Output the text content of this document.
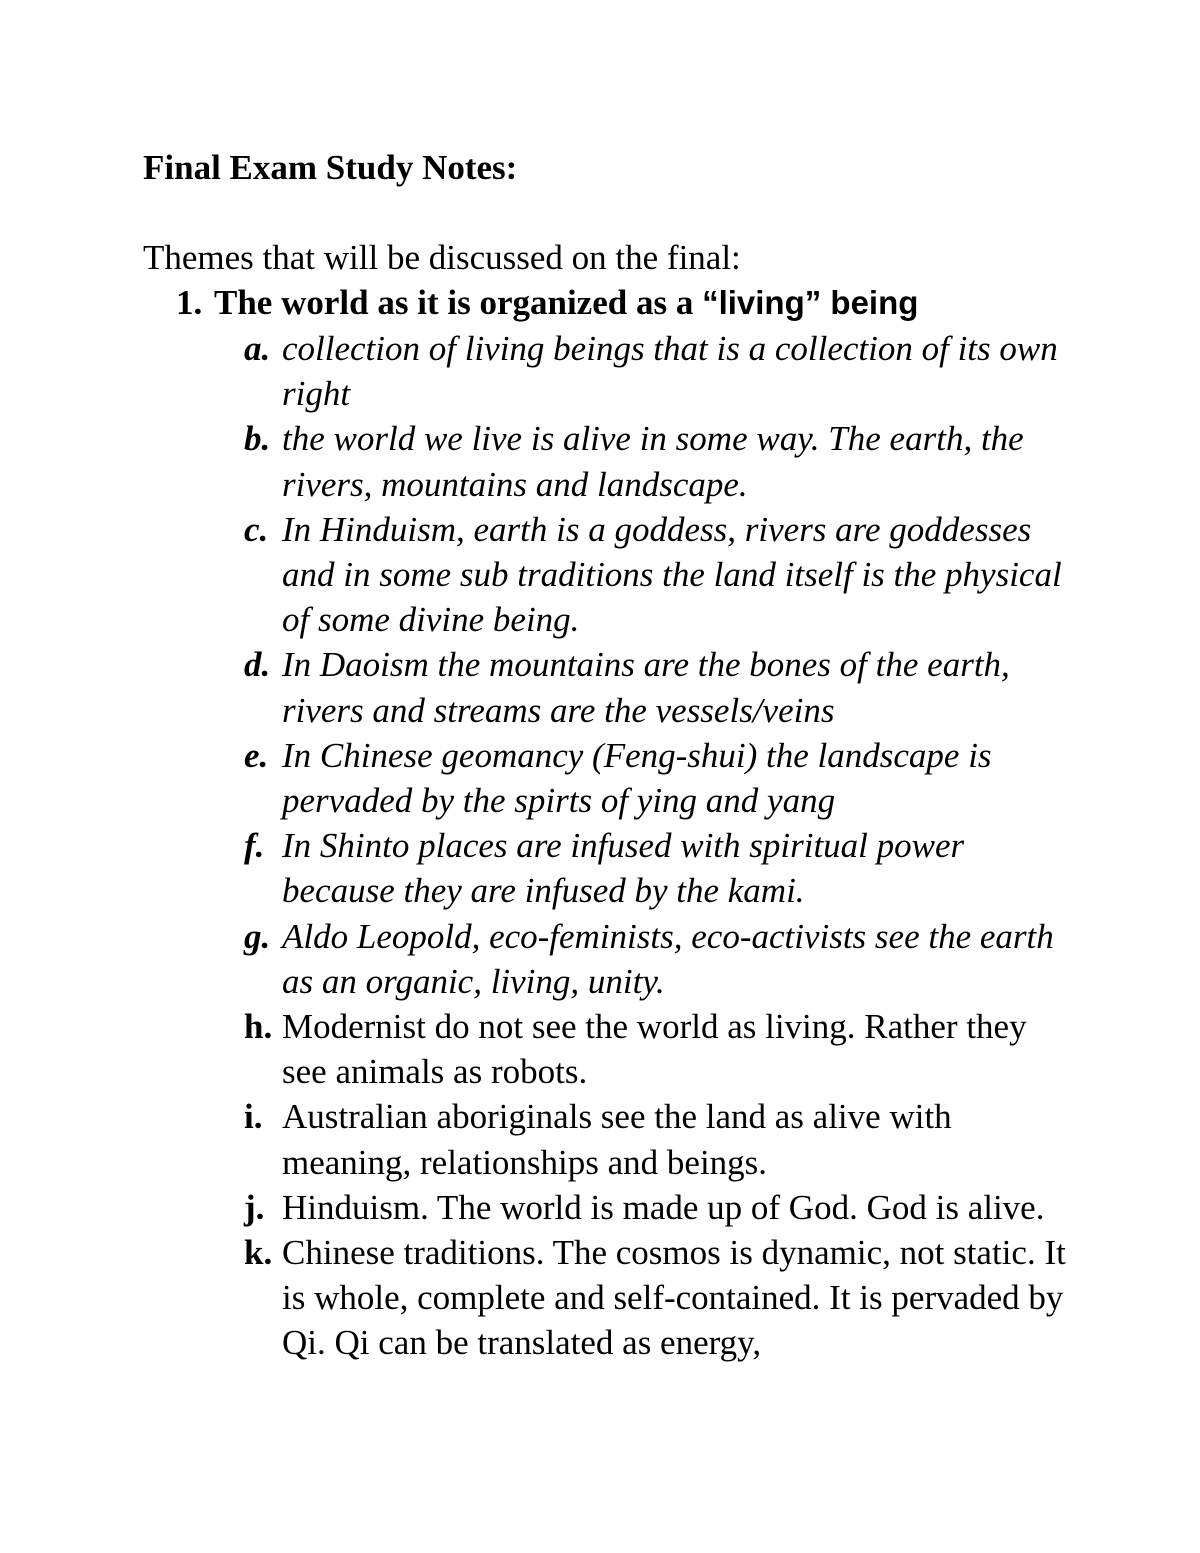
Final Exam Study Notes:
Themes that will be discussed on the final:
1. The world as it is organized as a “living” being
a. collection of living beings that is a collection of its own right
b. the world we live is alive in some way. The earth, the rivers, mountains and landscape.
c. In Hinduism, earth is a goddess, rivers are goddesses and in some sub traditions the land itself is the physical of some divine being.
d. In Daoism the mountains are the bones of the earth, rivers and streams are the vessels/veins
e. In Chinese geomancy (Feng-shui) the landscape is pervaded by the spirts of ying and yang
f. In Shinto places are infused with spiritual power because they are infused by the kami.
g. Aldo Leopold, eco-feminists, eco-activists see the earth as an organic, living, unity.
h. Modernist do not see the world as living. Rather they see animals as robots.
i. Australian aboriginals see the land as alive with meaning, relationships and beings.
j. Hinduism. The world is made up of God. God is alive.
k. Chinese traditions. The cosmos is dynamic, not static. It is whole, complete and self-contained. It is pervaded by Qi. Qi can be translated as energy,
